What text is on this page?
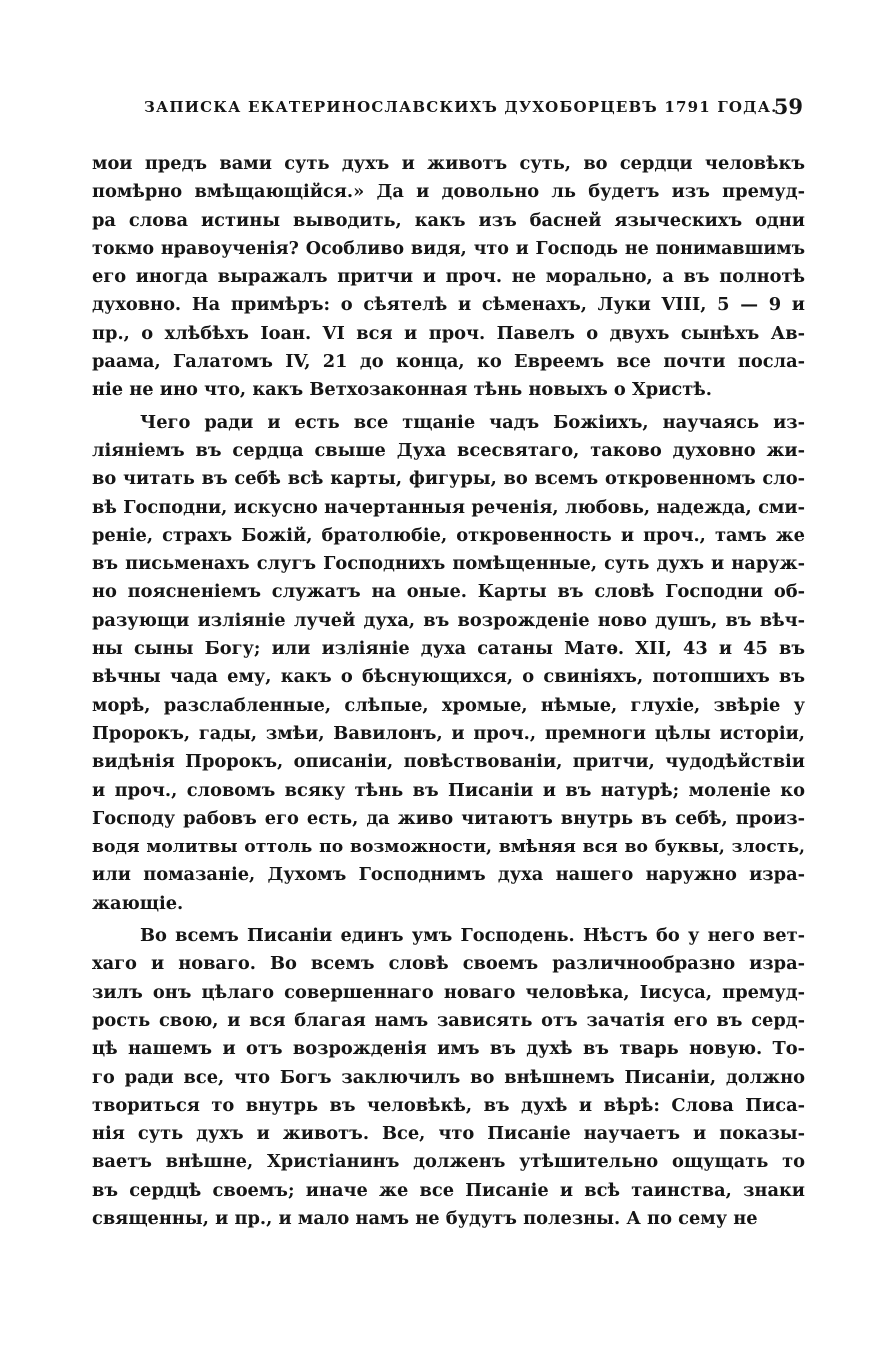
ЗАПИСКА ЕКАТЕРИНОСЛАВСКИХЪ ДУХОБОРЦЕВЪ 1791 ГОДА.
59
мои предъ вами суть духъ и животъ суть, во сердци человѣкъ
помѣрно вмѣщающійся.» Да и довольно ль будетъ изъ премуд-
ра слова истины выводить, какъ изъ басней языческихъ одни
токмо нравоученія? Особливо видя, что и Господь не понимавшимъ
его иногда выражалъ притчи и проч. не морально, а въ полнотѣ
духовно. На примѣръ: о сѣятелѣ и сѣменахъ, Луки VIII, 5 — 9 и
пр., о хлѣбѣхъ Іоан. VI вся и проч. Павелъ о двухъ сынѣхъ Ав-
раама, Галатомъ IV, 21 до конца, ко Евреемъ все почти посла-
ніе не ино что, какъ Ветхозаконная тѣнь новыхъ о Христѣ.
Чего ради и есть все тщаніе чадъ Божіихъ, научаясь из-
ліяніемъ въ сердца свыше Духа всесвятаго, таково духовно жи-
во читать въ себѣ всѣ карты, фигуры, во всемъ откровенномъ сло-
вѣ Господни, искусно начертанныя реченія, любовь, надежда, сми-
реніе, страхъ Божій, братолюбіе, откровенность и проч., тамъ же
въ письменахъ слугъ Господнихъ помѣщенные, суть духъ и наруж-
но поясненіемъ служатъ на оные. Карты въ словѣ Господни об-
разующи изліяніе лучей духа, въ возрожденіе ново душъ, въ вѣч-
ны сыны Богу; или изліяніе духа сатаны Матѳ. XII, 43 и 45 въ
вѣчны чада ему, какъ о бѣснующихся, о свиніяхъ, потопшихъ въ
морѣ, разслабленные, слѣпые, хромые, нѣмые, глухіе, звѣріе у
Пророкъ, гады, змѣи, Вавилонъ, и проч., премноги цѣлы исторіи,
видѣнія Пророкъ, описаніи, повѣствованіи, притчи, чудодѣйствіи
и проч., словомъ всяку тѣнь въ Писаніи и въ натурѣ; моленіе ко
Господу рабовъ его есть, да живо читаютъ внутрь въ себѣ, произ-
водя молитвы оттоль по возможности, вмѣняя вся во буквы, злость,
или помазаніе, Духомъ Господнимъ духа нашего наружно изра-
жающіе.
Во всемъ Писаніи единъ умъ Господень. Нѣстъ бо у него вет-
хаго и новаго. Во всемъ словѣ своемъ различнообразно изра-
зилъ онъ цѣлаго совершеннаго новаго человѣка, Іисуса, премуд-
рость свою, и вся благая намъ зависять отъ зачатія его въ серд-
цѣ нашемъ и отъ возрожденія имъ въ духѣ въ тварь новую. То-
го ради все, что Богъ заключилъ во внѣшнемъ Писаніи, должно
твориться то внутрь въ человѣкѣ, въ духѣ и вѣрѣ: Слова Писа-
нія суть духъ и животъ. Все, что Писаніе научаетъ и показы-
ваетъ внѣшне, Христіанинъ долженъ утѣшительно ощущать то
въ сердцѣ своемъ; иначе же все Писаніе и всѣ таинства, знаки
священны, и пр., и мало намъ не будутъ полезны. А по сему не
